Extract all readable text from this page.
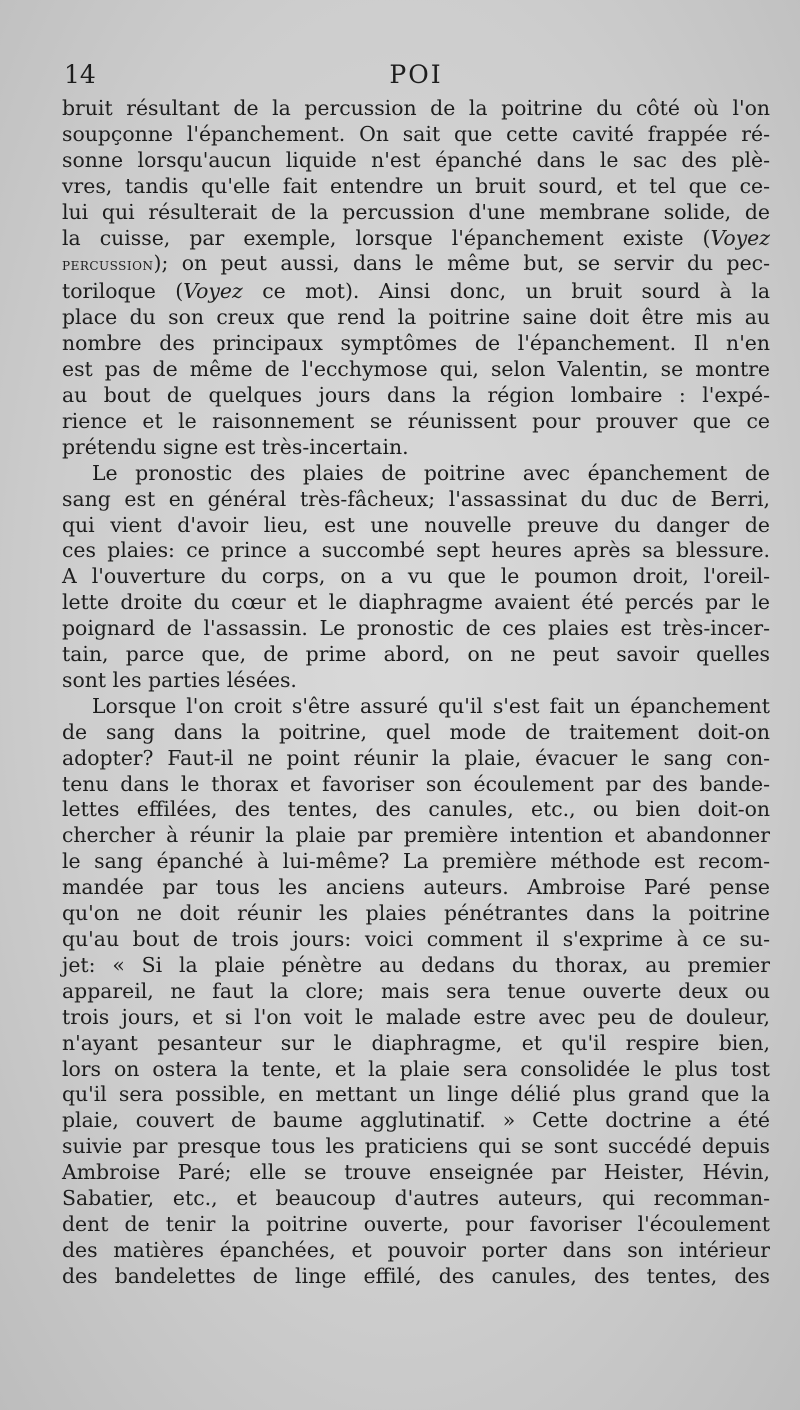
14	POI
bruit résultant de la percussion de la poitrine du côté où l'on
soupçonne l'épanchement. On sait que cette cavité frappée ré-
sonne lorsqu'aucun liquide n'est épanché dans le sac des plè-
vres, tandis qu'elle fait entendre un bruit sourd, et tel que ce-
lui qui résulterait de la percussion d'une membrane solide, de
la cuisse, par exemple, lorsque l'épanchement existe (Voyez
percussion); on peut aussi, dans le même but, se servir du pec-
toriloque (Voyez ce mot). Ainsi donc, un bruit sourd à la
place du son creux que rend la poitrine saine doit être mis au
nombre des principaux symptômes de l'épanchement. Il n'en
est pas de même de l'ecchymose qui, selon Valentin, se montre
au bout de quelques jours dans la région lombaire : l'expé-
rience et le raisonnement se réunissent pour prouver que ce
prétendu signe est très-incertain.
Le pronostic des plaies de poitrine avec épanchement de
sang est en général très-fâcheux; l'assassinat du duc de Berri,
qui vient d'avoir lieu, est une nouvelle preuve du danger de
ces plaies: ce prince a succombé sept heures après sa blessure.
A l'ouverture du corps, on a vu que le poumon droit, l'oreil-
lette droite du cœur et le diaphragme avaient été percés par le
poignard de l'assassin. Le pronostic de ces plaies est très-incer-
tain, parce que, de prime abord, on ne peut savoir quelles
sont les parties lésées.
Lorsque l'on croit s'être assuré qu'il s'est fait un épanchement
de sang dans la poitrine, quel mode de traitement doit-on
adopter? Faut-il ne point réunir la plaie, évacuer le sang con-
tenu dans le thorax et favoriser son écoulement par des bande-
lettes effilées, des tentes, des canules, etc., ou bien doit-on
chercher à réunir la plaie par première intention et abandonner
le sang épanché à lui-même? La première méthode est recom-
mandée par tous les anciens auteurs. Ambroise Paré pense
qu'on ne doit réunir les plaies pénétrantes dans la poitrine
qu'au bout de trois jours: voici comment il s'exprime à ce su-
jet: « Si la plaie pénètre au dedans du thorax, au premier
appareil, ne faut la clore; mais sera tenue ouverte deux ou
trois jours, et si l'on voit le malade estre avec peu de douleur,
n'ayant pesanteur sur le diaphragme, et qu'il respire bien,
lors on ostera la tente, et la plaie sera consolidée le plus tost
qu'il sera possible, en mettant un linge délié plus grand que la
plaie, couvert de baume agglutinatif. » Cette doctrine a été
suivie par presque tous les praticiens qui se sont succédé depuis
Ambroise Paré; elle se trouve enseignée par Heister, Hévin,
Sabatier, etc., et beaucoup d'autres auteurs, qui recomman-
dent de tenir la poitrine ouverte, pour favoriser l'écoulement
des matières épanchées, et pouvoir porter dans son intérieur
des bandelettes de linge effilé, des canules, des tentes, des
